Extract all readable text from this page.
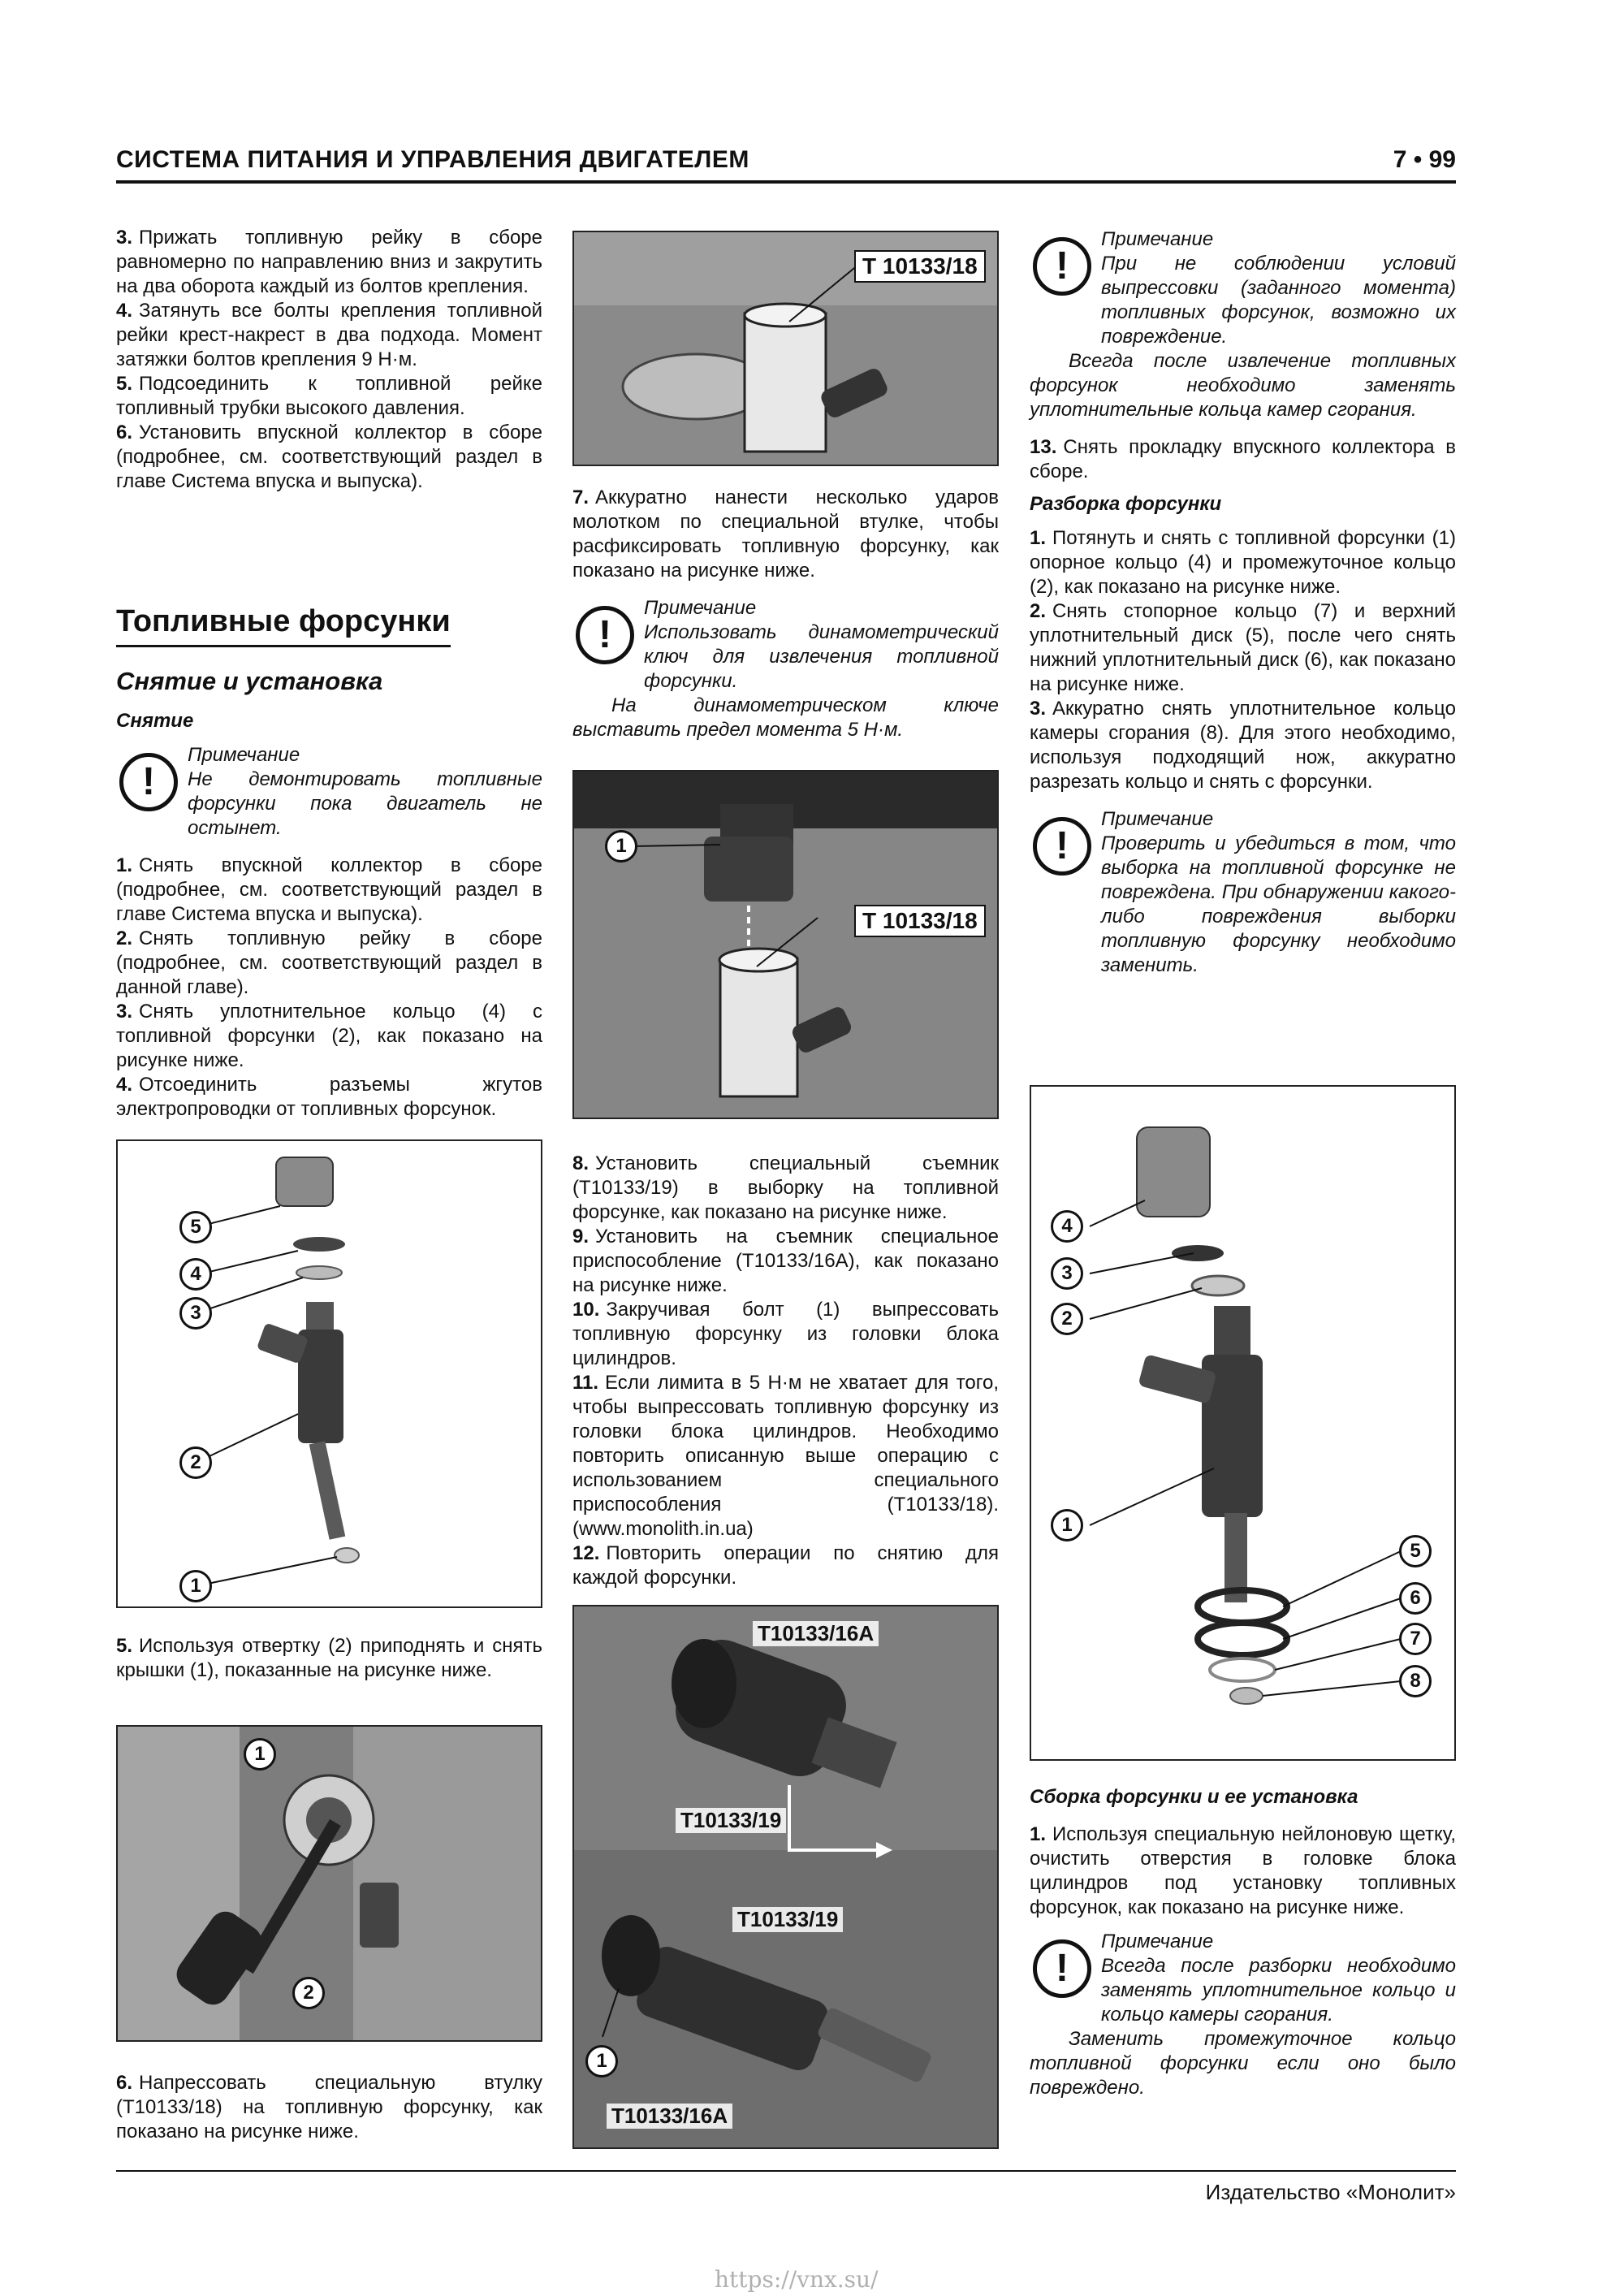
СИСТЕМА ПИТАНИЯ И УПРАВЛЕНИЯ ДВИГАТЕЛЕМ	7 • 99

3. Прижать топливную рейку в сборе равномерно по направлению вниз и закрутить на два оборота каждый из болтов крепления.

4. Затянуть все болты крепления топливной рейки крест-накрест в два подхода. Момент затяжки болтов крепления 9 Н·м.

5. Подсоединить к топливной рейке топливный трубки высокого давления.

6. Установить впускной коллектор в сборе (подробнее, см. соответствующий раздел в главе Система впуска и выпуска).

Топливные форсунки
Снятие и установка
Снятие
!
Примечание
Не демонтировать топливные форсунки пока двигатель не остынет.

1. Снять впускной коллектор в сборе (подробнее, см. соответствующий раздел в главе Система впуска и выпуска).

2. Снять топливную рейку в сборе (подробнее, см. соответствующий раздел в данной главе).

3. Снять уплотнительное кольцо (4) с топливной форсунки (2), как показано на рисунке ниже.

4. Отсоединить разъемы жгутов электропроводки от топливных форсунок.

5
4
3
2
1

5. Используя отвертку (2) приподнять и снять крышки (1), показанные на рисунке ниже.

1
2

6. Напрессовать специальную втулку (T10133/18) на топливную форсунку, как показано на рисунке ниже.

T 10133/18

7. Аккуратно нанести несколько ударов молотком по специальной втулке, чтобы расфиксировать топливную форсунку, как показано на рисунке ниже.

!
Примечание
Использовать динамометрический ключ для извлечения топливной форсунки.
На динамометрическом ключе выставить предел момента 5 Н·м.
1
T 10133/18

8. Установить специальный съемник (T10133/19) в выборку на топливной форсунке, как показано на рисунке ниже.

9. Установить на съемник специальное приспособление (T10133/16A), как показано на рисунке ниже.

10. Закручивая болт (1) выпрессовать топливную форсунку из головки блока цилиндров.

11. Если лимита в 5 Н·м не хватает для того, чтобы выпрессовать топливную форсунку из головки блока цилиндров. Необходимо повторить описанную выше операцию с использованием специального приспособления (T10133/18). (www.monolith.in.ua)

12. Повторить операции по снятию для каждой форсунки.

T10133/16A
T10133/19
T10133/19
T10133/16A
1
!
Примечание
При не соблюдении условий выпрессовки (заданного момента) топливных форсунок, возможно их повреждение.
Всегда после извлечение топливных форсунок необходимо заменять уплотнительные кольца камер сгорания.

13. Снять прокладку впускного коллектора в сборе.

Разборка форсунки

1. Потянуть и снять с топливной форсунки (1) опорное кольцо (4) и промежуточное кольцо (2), как показано на рисунке ниже.

2. Снять стопорное кольцо (7) и верхний уплотнительный диск (5), после чего снять нижний уплотнительный диск (6), как показано на рисунке ниже.

3. Аккуратно снять уплотнительное кольцо камеры сгорания (8). Для этого необходимо, используя подходящий нож, аккуратно разрезать кольцо и снять с форсунки.

!
Примечание
Проверить и убедиться в том, что выборка на топливной форсунке не повреждена. При обнаружении какого-либо повреждения выборки топливную форсунку необходимо заменить.
4
3
2
1
5
6
7
8
Сборка форсунки и ее установка

1. Используя специальную нейлоновую щетку, очистить отверстия в головке блока цилиндров под установку топливных форсунок, как показано на рисунке ниже.

!
Примечание
Всегда после разборки необходимо заменять уплотнительное кольцо и кольцо камеры сгорания.
Заменить промежуточное кольцо топливной форсунки если оно было повреждено.
Издательство «Монолит»
https://vnx.su/
